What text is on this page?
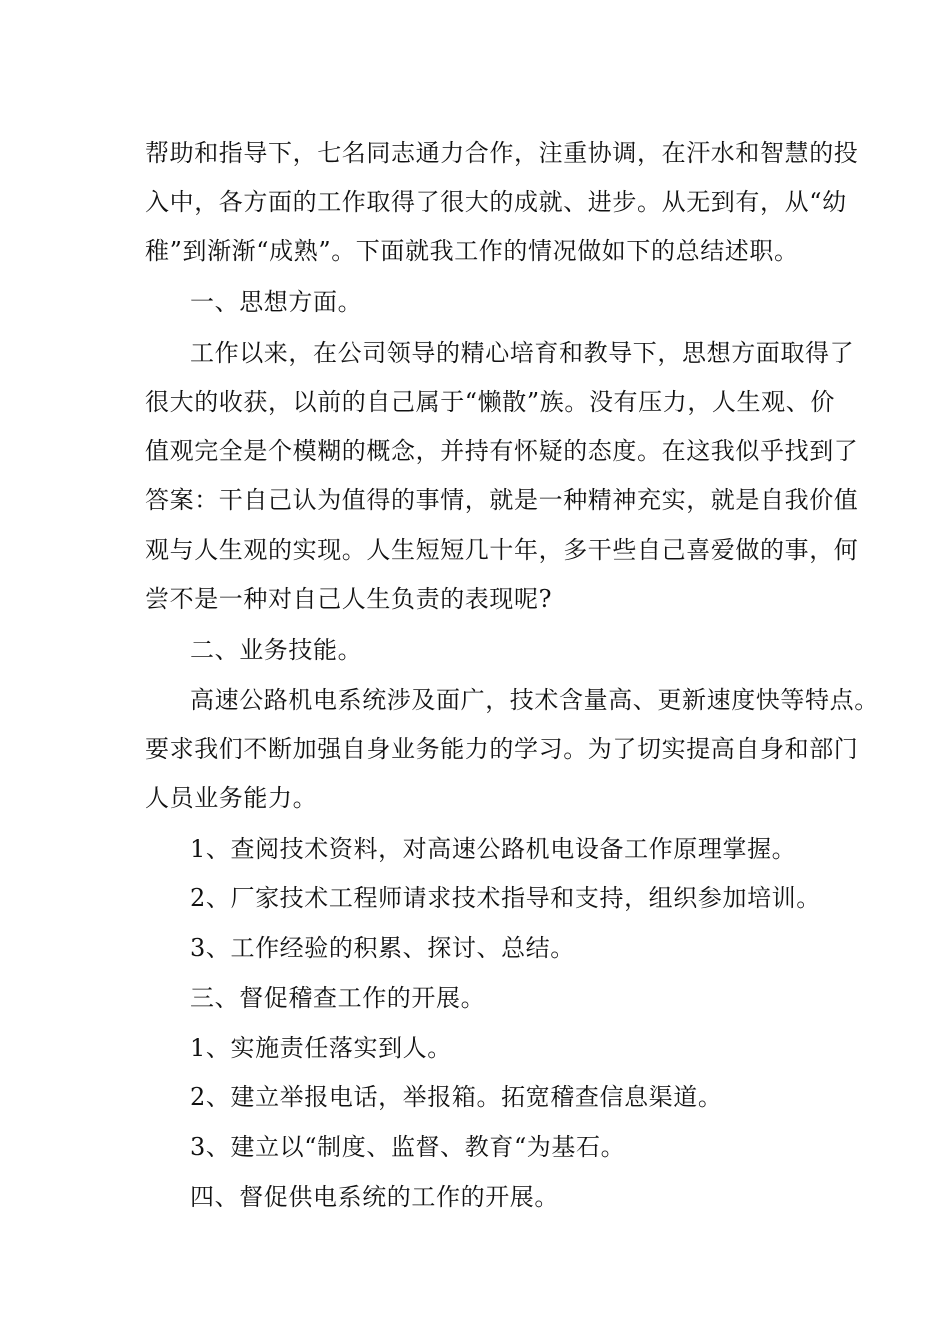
帮助和指导下，七名同志通力合作，注重协调，在汗水和智慧的投
入中，各方面的工作取得了很大的成就、进步。从无到有，从“幼
稚”到渐渐“成熟”。下面就我工作的情况做如下的总结述职。
一、思想方面。
工作以来，在公司领导的精心培育和教导下，思想方面取得了
很大的收获，以前的自己属于“懒散”族。没有压力，人生观、价
值观完全是个模糊的概念，并持有怀疑的态度。在这我似乎找到了
答案：干自己认为值得的事情，就是一种精神充实，就是自我价值
观与人生观的实现。人生短短几十年，多干些自己喜爱做的事，何
尝不是一种对自己人生负责的表现呢?
二、业务技能。
高速公路机电系统涉及面广，技术含量高、更新速度快等特点。
要求我们不断加强自身业务能力的学习。为了切实提高自身和部门
人员业务能力。
1、查阅技术资料，对高速公路机电设备工作原理掌握。
2、厂家技术工程师请求技术指导和支持，组织参加培训。
3、工作经验的积累、探讨、总结。
三、督促稽查工作的开展。
1、实施责任落实到人。
2、建立举报电话，举报箱。拓宽稽查信息渠道。
3、建立以“制度、监督、教育“为基石。
四、督促供电系统的工作的开展。
